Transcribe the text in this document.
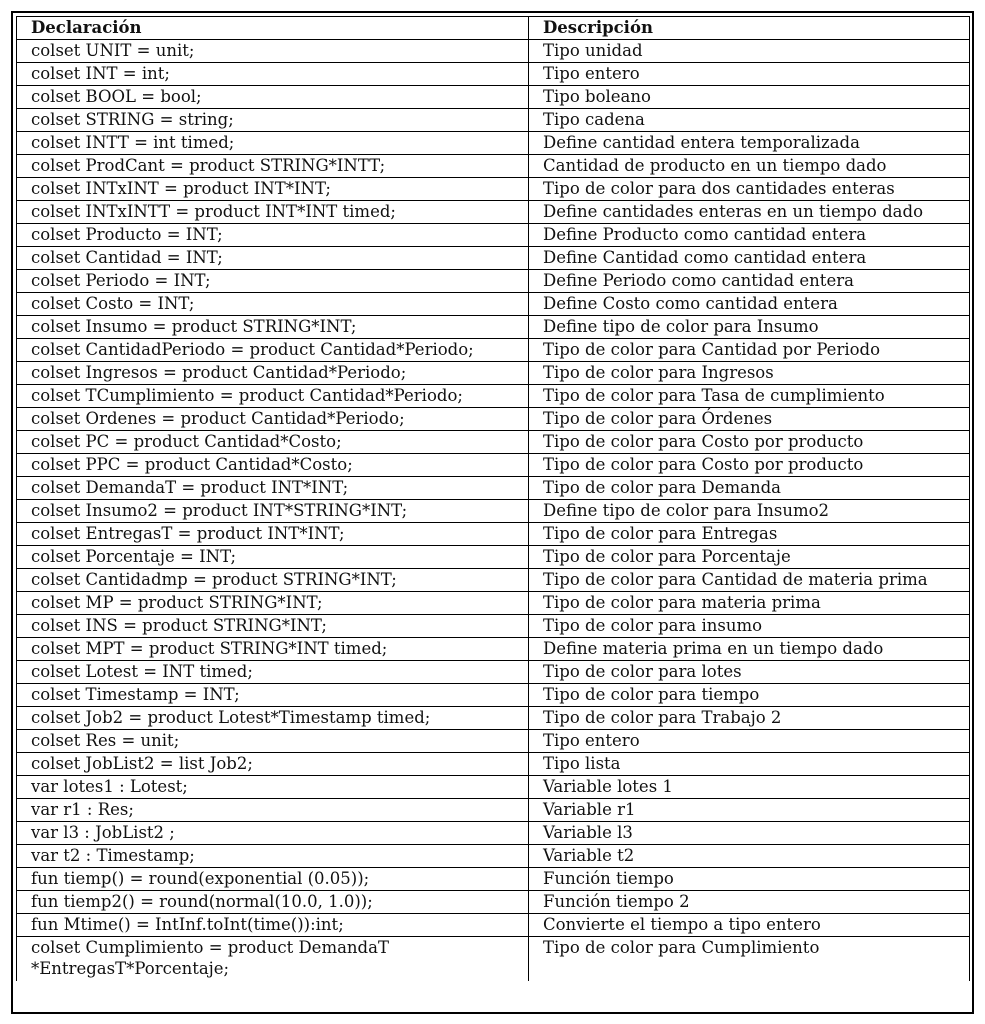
Declaración	Descripción
colset UNIT = unit;	Tipo unidad
colset INT = int;	Tipo entero
colset BOOL = bool;	Tipo boleano
colset STRING = string;	Tipo cadena
colset INTT = int timed;	Define cantidad entera temporalizada
colset ProdCant = product STRING*INTT;	Cantidad de producto en un tiempo dado
colset INTxINT = product INT*INT;	Tipo de color para dos cantidades enteras
colset INTxINTT = product INT*INT timed;	Define cantidades enteras en un tiempo dado
colset Producto = INT;	Define Producto como cantidad entera
colset Cantidad = INT;	Define Cantidad como cantidad entera
colset Periodo = INT;	Define Periodo como cantidad entera
colset Costo = INT;	Define Costo como cantidad entera
colset Insumo = product STRING*INT;	Define tipo de color para Insumo
colset CantidadPeriodo = product Cantidad*Periodo;	Tipo de color para Cantidad por Periodo
colset Ingresos = product Cantidad*Periodo;	Tipo de color para Ingresos
colset TCumplimiento = product Cantidad*Periodo;	Tipo de color para Tasa de cumplimiento
colset Ordenes = product Cantidad*Periodo;	Tipo de color para Órdenes
colset PC = product Cantidad*Costo;	Tipo de color para Costo por producto
colset PPC = product Cantidad*Costo;	Tipo de color para Costo por producto
colset DemandaT = product INT*INT;	Tipo de color para Demanda
colset Insumo2 = product INT*STRING*INT;	Define tipo de color para Insumo2
colset EntregasT = product INT*INT;	Tipo de color para Entregas
colset Porcentaje = INT;	Tipo de color para Porcentaje
colset Cantidadmp = product STRING*INT;	Tipo de color para Cantidad de materia prima
colset MP = product STRING*INT;	Tipo de color para materia prima
colset INS = product STRING*INT;	Tipo de color para insumo
colset MPT = product STRING*INT timed;	Define materia prima en un tiempo dado
colset Lotest = INT timed;	Tipo de color para lotes
colset Timestamp = INT;	Tipo de color para tiempo
colset Job2 = product Lotest*Timestamp timed;	Tipo de color para Trabajo 2
colset Res = unit;	Tipo entero
colset JobList2 = list Job2;	Tipo lista
var lotes1 : Lotest;	Variable lotes 1
var r1 : Res;	Variable r1
var l3 : JobList2 ;	Variable l3
var t2 : Timestamp;	Variable t2
fun tiemp() = round(exponential (0.05));	Función tiempo
fun tiemp2() = round(normal(10.0, 1.0));	Función tiempo 2
fun Mtime() = IntInf.toInt(time()):int;	Convierte el tiempo a tipo entero
colset Cumplimiento = product DemandaT *EntregasT*Porcentaje;	Tipo de color para Cumplimiento
